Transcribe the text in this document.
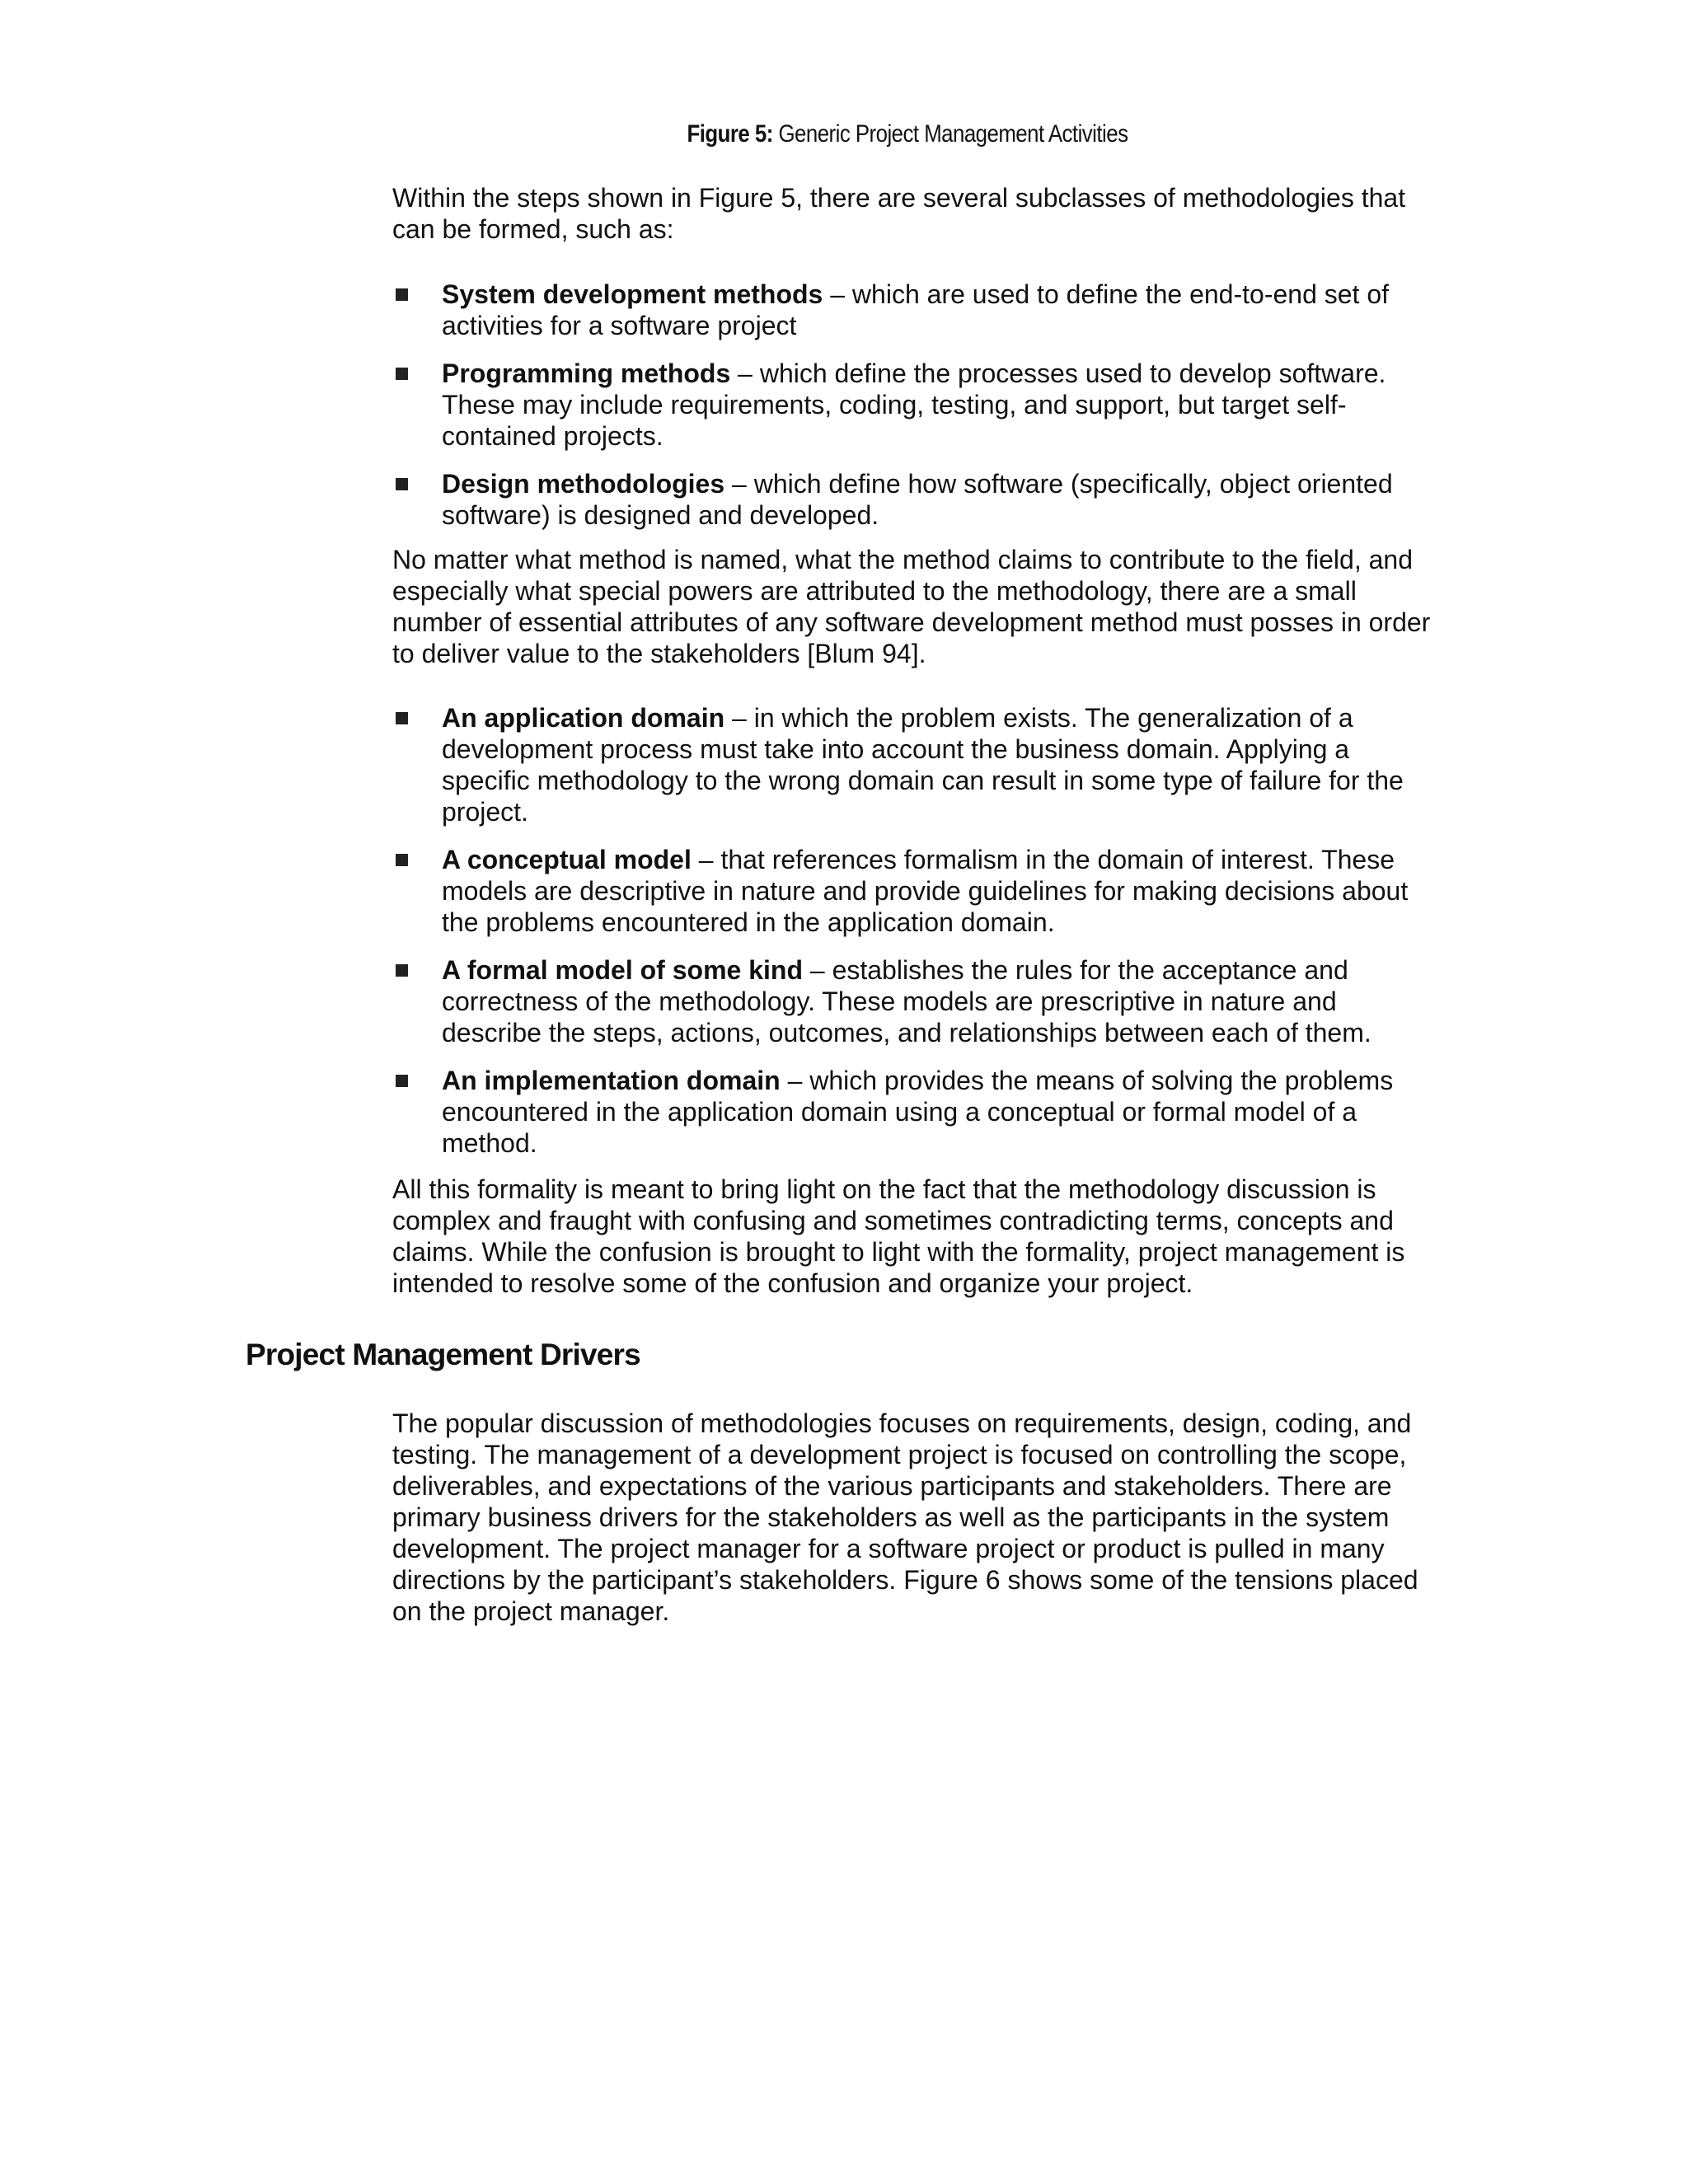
Figure 5: Generic Project Management Activities

Within the steps shown in Figure 5, there are several subclasses of methodologies that can be formed, such as:

System development methods – which are used to define the end-to-end set of activities for a software project
Programming methods – which define the processes used to develop software. These may include requirements, coding, testing, and support, but target self-contained projects.
Design methodologies – which define how software (specifically, object oriented software) is designed and developed.

No matter what method is named, what the method claims to contribute to the field, and especially what special powers are attributed to the methodology, there are a small number of essential attributes of any software development method must posses in order to deliver value to the stakeholders [Blum 94].

An application domain – in which the problem exists. The generalization of a development process must take into account the business domain. Applying a specific methodology to the wrong domain can result in some type of failure for the project.
A conceptual model – that references formalism in the domain of interest. These models are descriptive in nature and provide guidelines for making decisions about the problems encountered in the application domain.
A formal model of some kind – establishes the rules for the acceptance and correctness of the methodology. These models are prescriptive in nature and describe the steps, actions, outcomes, and relationships between each of them.
An implementation domain – which provides the means of solving the problems encountered in the application domain using a conceptual or formal model of a method.

All this formality is meant to bring light on the fact that the methodology discussion is complex and fraught with confusing and sometimes contradicting terms, concepts and claims. While the confusion is brought to light with the formality, project management is intended to resolve some of the confusion and organize your project.

Project Management Drivers

The popular discussion of methodologies focuses on requirements, design, coding, and testing. The management of a development project is focused on controlling the scope, deliverables, and expectations of the various participants and stakeholders. There are primary business drivers for the stakeholders as well as the participants in the system development. The project manager for a software project or product is pulled in many directions by the participant’s stakeholders. Figure 6 shows some of the tensions placed on the project manager.
